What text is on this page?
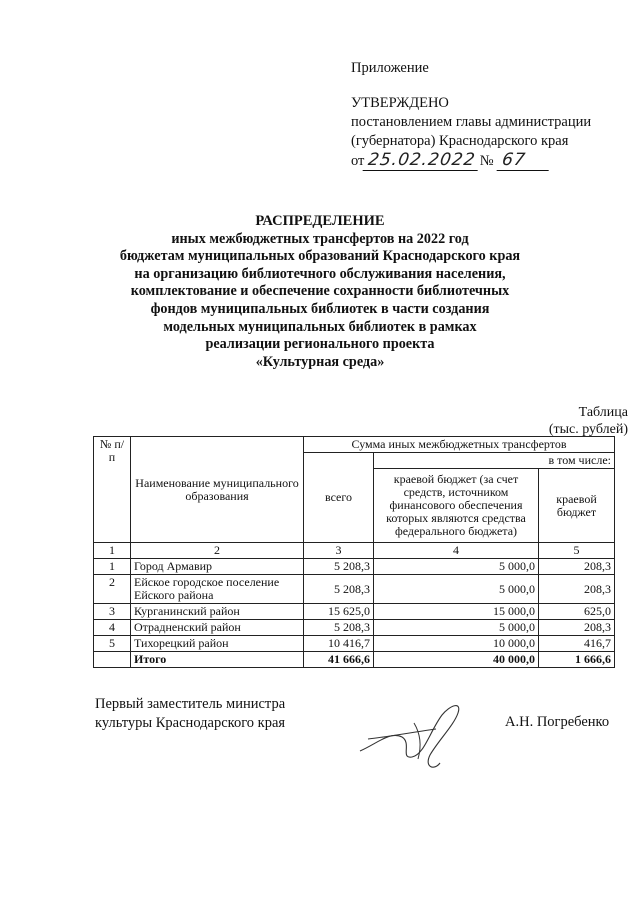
Приложение
УТВЕРЖДЕНО
постановлением главы администрации
(губернатора) Краснодарского края
от 25.02.2022 № 67
РАСПРЕДЕЛЕНИЕ
иных межбюджетных трансфертов на 2022 год
бюджетам муниципальных образований Краснодарского края
на организацию библиотечного обслуживания населения,
комплектование и обеспечение сохранности библиотечных
фондов муниципальных библиотек в части создания
модельных муниципальных библиотек в рамках
реализации регионального проекта
«Культурная среда»
Таблица
(тыс. рублей)
№ п/п	Наименование муниципального образования	Сумма иных межбюджетных трансфертов		
		всего	в том числе:	
			краевой бюджет (за счет средств, источником финансового обеспечения которых являются средства федерального бюджета)	краевой бюджет
1	2	3	4	5
1	Город Армавир	5 208,3	5 000,0	208,3
2	Ейское городское поселение Ейского района	5 208,3	5 000,0	208,3
3	Курганинский район	15 625,0	15 000,0	625,0
4	Отрадненский район	5 208,3	5 000,0	208,3
5	Тихорецкий район	10 416,7	10 000,0	416,7
	Итого	41 666,6	40 000,0	1 666,6
Первый заместитель министра
культуры Краснодарского края	А.Н. Погребенко
